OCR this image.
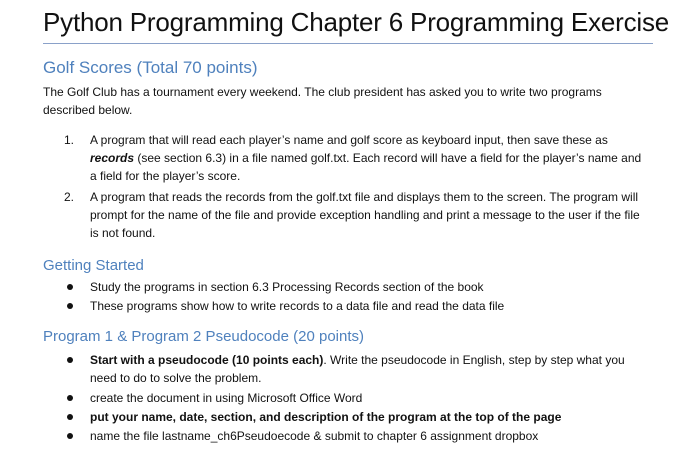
Python Programming Chapter 6 Programming Exercise
Golf Scores (Total 70 points)
The Golf Club has a tournament every weekend. The club president has asked you to write two programs described below.
1.	A program that will read each player’s name and golf score as keyboard input, then save these as records (see section 6.3) in a file named golf.txt. Each record will have a field for the player’s name and a field for the player’s score.
2.	A program that reads the records from the golf.txt file and displays them to the screen. The program will prompt for the name of the file and provide exception handling and print a message to the user if the file is not found.
Getting Started
Study the programs in section 6.3 Processing Records section of the book
These programs show how to write records to a data file and read the data file
Program 1 & Program 2 Pseudocode (20 points)
Start with a pseudocode (10 points each). Write the pseudocode in English, step by step what you need to do to solve the problem.
create the document in using Microsoft Office Word
put your name, date, section, and description of the program at the top of the page
name the file lastname_ch6Pseudoecode & submit to chapter 6 assignment dropbox
